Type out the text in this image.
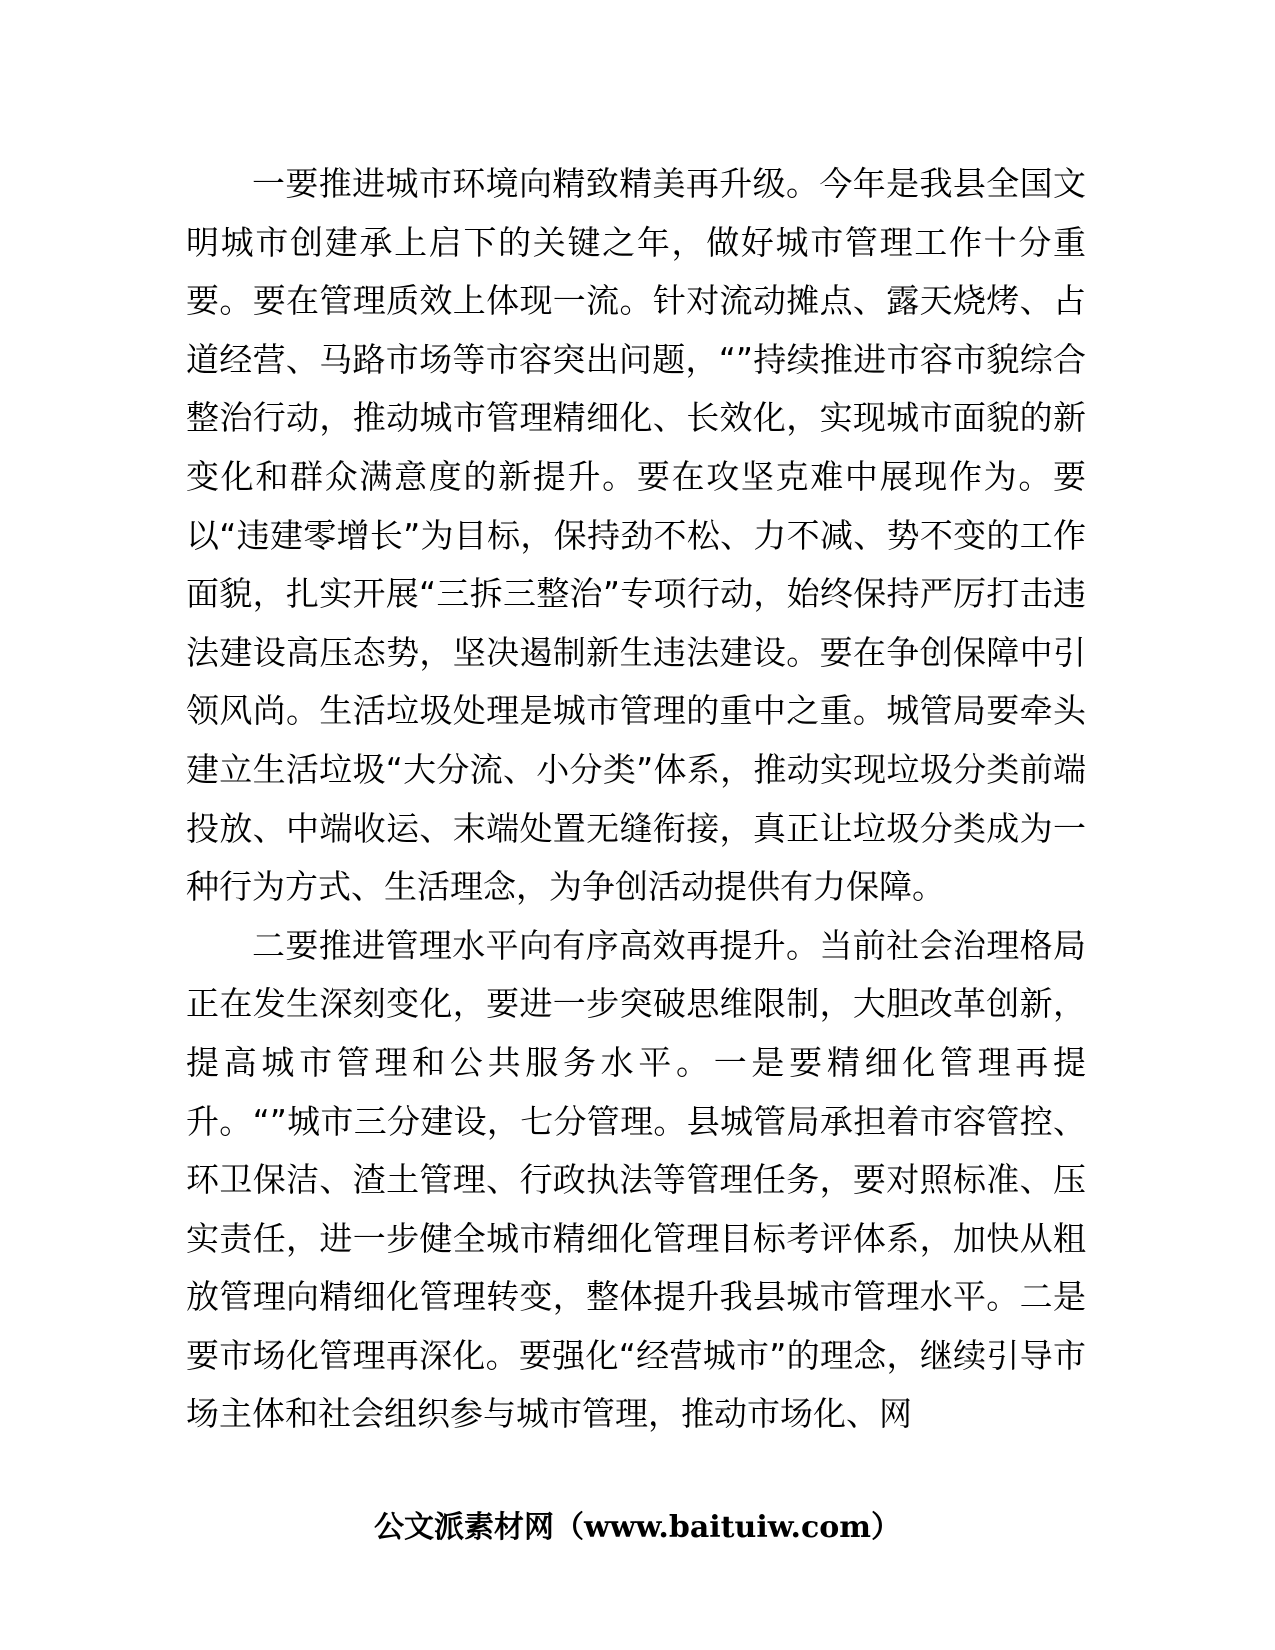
一要推进城市环境向精致精美再升级。今年是我县全国文明城市创建承上启下的关键之年，做好城市管理工作十分重要。要在管理质效上体现一流。针对流动摊点、露天烧烤、占道经营、马路市场等市容突出问题，“”持续推进市容市貌综合整治行动，推动城市管理精细化、长效化，实现城市面貌的新变化和群众满意度的新提升。要在攻坚克难中展现作为。要以“违建零增长”为目标，保持劲不松、力不减、势不变的工作面貌，扎实开展“三拆三整治”专项行动，始终保持严厉打击违法建设高压态势，坚决遏制新生违法建设。要在争创保障中引领风尚。生活垃圾处理是城市管理的重中之重。城管局要牵头建立生活垃圾“大分流、小分类”体系，推动实现垃圾分类前端投放、中端收运、末端处置无缝衔接，真正让垃圾分类成为一种行为方式、生活理念，为争创活动提供有力保障。

二要推进管理水平向有序高效再提升。当前社会治理格局正在发生深刻变化，要进一步突破思维限制，大胆改革创新，提高城市管理和公共服务水平。一是要精细化管理再提升。“”城市三分建设，七分管理。县城管局承担着市容管控、环卫保洁、渣土管理、行政执法等管理任务，要对照标准、压实责任，进一步健全城市精细化管理目标考评体系，加快从粗放管理向精细化管理转变，整体提升我县城市管理水平。二是要市场化管理再深化。要强化“经营城市”的理念，继续引导市场主体和社会组织参与城市管理，推动市场化、网

公文派素材网（www.baituiw.com）
